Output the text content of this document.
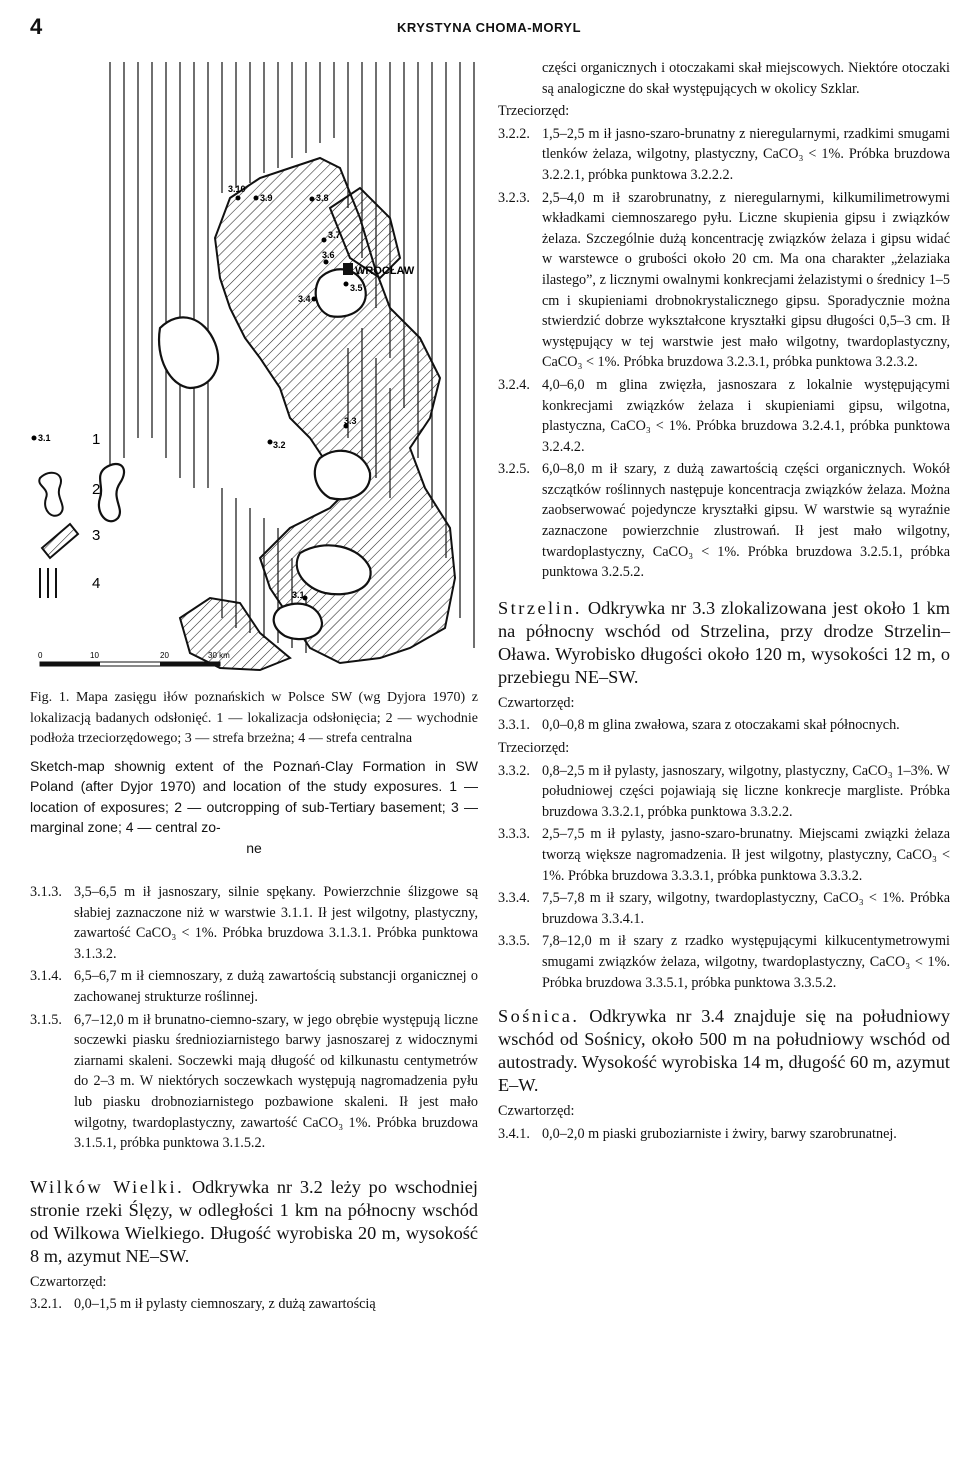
4	KRYSTYNA CHOMA-MORYL
WROCŁAW
3.10
3.9	3.8
3.7
3.6
3.5
3.4
3.1
3.2
3.3
3.1	1
2
3
4
0	10	20	30 km
Fig. 1. Mapa zasięgu iłów poznańskich w Polsce SW (wg Dyjora 1970) z lokalizacją badanych odsłonięć. 1 — lokalizacja odsłonięcia; 2 — wychodnie podłoża trzeciorzędowego; 3 — strefa brzeżna; 4 — strefa centralna
Sketch-map shownig extent of the Poznań-Clay Formation in SW Poland (after Dyjor 1970) and location of the study exposures. 1 — location of exposures; 2 — outcropping of sub-Tertiary basement; 3 — marginal zone; 4 — central zo-
ne
3.1.3. 3,5–6,5 m ił jasnoszary, silnie spękany. Powierzchnie ślizgowe są słabiej zaznaczone niż w warstwie 3.1.1. Ił jest wilgotny, plastyczny, zawartość CaCO₃ < 1%. Próbka bruzdowa 3.1.3.1. Próbka punktowa 3.1.3.2.
3.1.4. 6,5–6,7 m ił ciemnoszary, z dużą zawartością substancji organicznej o zachowanej strukturze roślinnej.
3.1.5. 6,7–12,0 m ił brunatno-ciemno-szary, w jego obrębie występują liczne soczewki piasku średnioziarnistego barwy jasnoszarej z widocznymi ziarnami skaleni. Soczewki mają długość od kilkunastu centymetrów do 2–3 m. W niektórych soczewkach występują nagromadzenia pyłu lub piasku drobnoziarnistego pozbawione skaleni. Ił jest mało wilgotny, twardoplastyczny, zawartość CaCO₃ 1%. Próbka bruzdowa 3.1.5.1, próbka punktowa 3.1.5.2.
Wilków Wielki. Odkrywka nr 3.2 leży po wschodniej stronie rzeki Ślęzy, w odległości 1 km na północny wschód od Wilkowa Wielkiego. Długość wyrobiska 20 m, wysokość 8 m, azymut NE–SW.
Czwartorzęd:
3.2.1. 0,0–1,5 m ił pylasty ciemnoszary, z dużą zawartością

części organicznych i otoczakami skał miejscowych. Niektóre otoczaki są analogiczne do skał występujących w okolicy Szklar.

Trzeciorzęd:
3.2.2. 1,5–2,5 m ił jasno-szaro-brunatny z nieregularnymi, rzadkimi smugami tlenków żelaza, wilgotny, plastyczny, CaCO₃ < 1%. Próbka bruzdowa 3.2.2.1, próbka punktowa 3.2.2.2.
3.2.3. 2,5–4,0 m ił szarobrunatny, z nieregularnymi, kilkumilimetrowymi wkładkami ciemnoszarego pyłu. Liczne skupienia gipsu i związków żelaza. Szczególnie dużą koncentrację związków żelaza i gipsu widać w warstewce o grubości około 20 cm. Ma ona charakter „żelaziaka ilastego”, z licznymi owalnymi konkrecjami żelazistymi o średnicy 1–5 cm i skupieniami drobnokrystalicznego gipsu. Sporadycznie można stwierdzić dobrze wykształcone kryształki gipsu długości 0,5–3 cm. Ił występujący w tej warstwie jest mało wilgotny, twardoplastyczny, CaCO₃ < 1%. Próbka bruzdowa 3.2.3.1, próbka punktowa 3.2.3.2.
3.2.4. 4,0–6,0 m glina zwięzła, jasnoszara z lokalnie występującymi konkrecjami związków żelaza i skupieniami gipsu, wilgotna, plastyczna, CaCO₃ < 1%. Próbka bruzdowa 3.2.4.1, próbka punktowa 3.2.4.2.
3.2.5. 6,0–8,0 m ił szary, z dużą zawartością części organicznych. Wokół szczątków roślinnych następuje koncentracja związków żelaza. Można zaobserwować pojedyncze kryształki gipsu. W warstwie są wyraźnie zaznaczone powierzchnie zlustrowań. Ił jest mało wilgotny, twardoplastyczny, CaCO₃ < 1%. Próbka bruzdowa 3.2.5.1, próbka punktowa 3.2.5.2.
Strzelin. Odkrywka nr 3.3 zlokalizowana jest około 1 km na północny wschód od Strzelina, przy drodze Strzelin–Oława. Wyrobisko długości około 120 m, wysokości 12 m, o przebiegu NE–SW.
Czwartorzęd:
3.3.1. 0,0–0,8 m glina zwałowa, szara z otoczakami skał północnych.
Trzeciorzęd:
3.3.2. 0,8–2,5 m ił pylasty, jasnoszary, wilgotny, plastyczny, CaCO₃ 1–3%. W południowej części pojawiają się liczne konkrecje margliste. Próbka bruzdowa 3.3.2.1, próbka punktowa 3.3.2.2.
3.3.3. 2,5–7,5 m ił pylasty, jasno-szaro-brunatny. Miejscami związki żelaza tworzą większe nagromadzenia. Ił jest wilgotny, plastyczny, CaCO₃ < 1%. Próbka bruzdowa 3.3.3.1, próbka punktowa 3.3.3.2.
3.3.4. 7,5–7,8 m ił szary, wilgotny, twardoplastyczny, CaCO₃ < 1%. Próbka bruzdowa 3.3.4.1.
3.3.5. 7,8–12,0 m ił szary z rzadko występującymi kilkucentymetrowymi smugami związków żelaza, wilgotny, twardoplastyczny, CaCO₃ < 1%. Próbka bruzdowa 3.3.5.1, próbka punktowa 3.3.5.2.
Sośnica. Odkrywka nr 3.4 znajduje się na południowy wschód od Sośnicy, około 500 m na południowy wschód od autostrady. Wysokość wyrobiska 14 m, długość 60 m, azymut E–W.
Czwartorzęd:
3.4.1. 0,0–2,0 m piaski gruboziarniste i żwiry, barwy szarobrunatnej.
